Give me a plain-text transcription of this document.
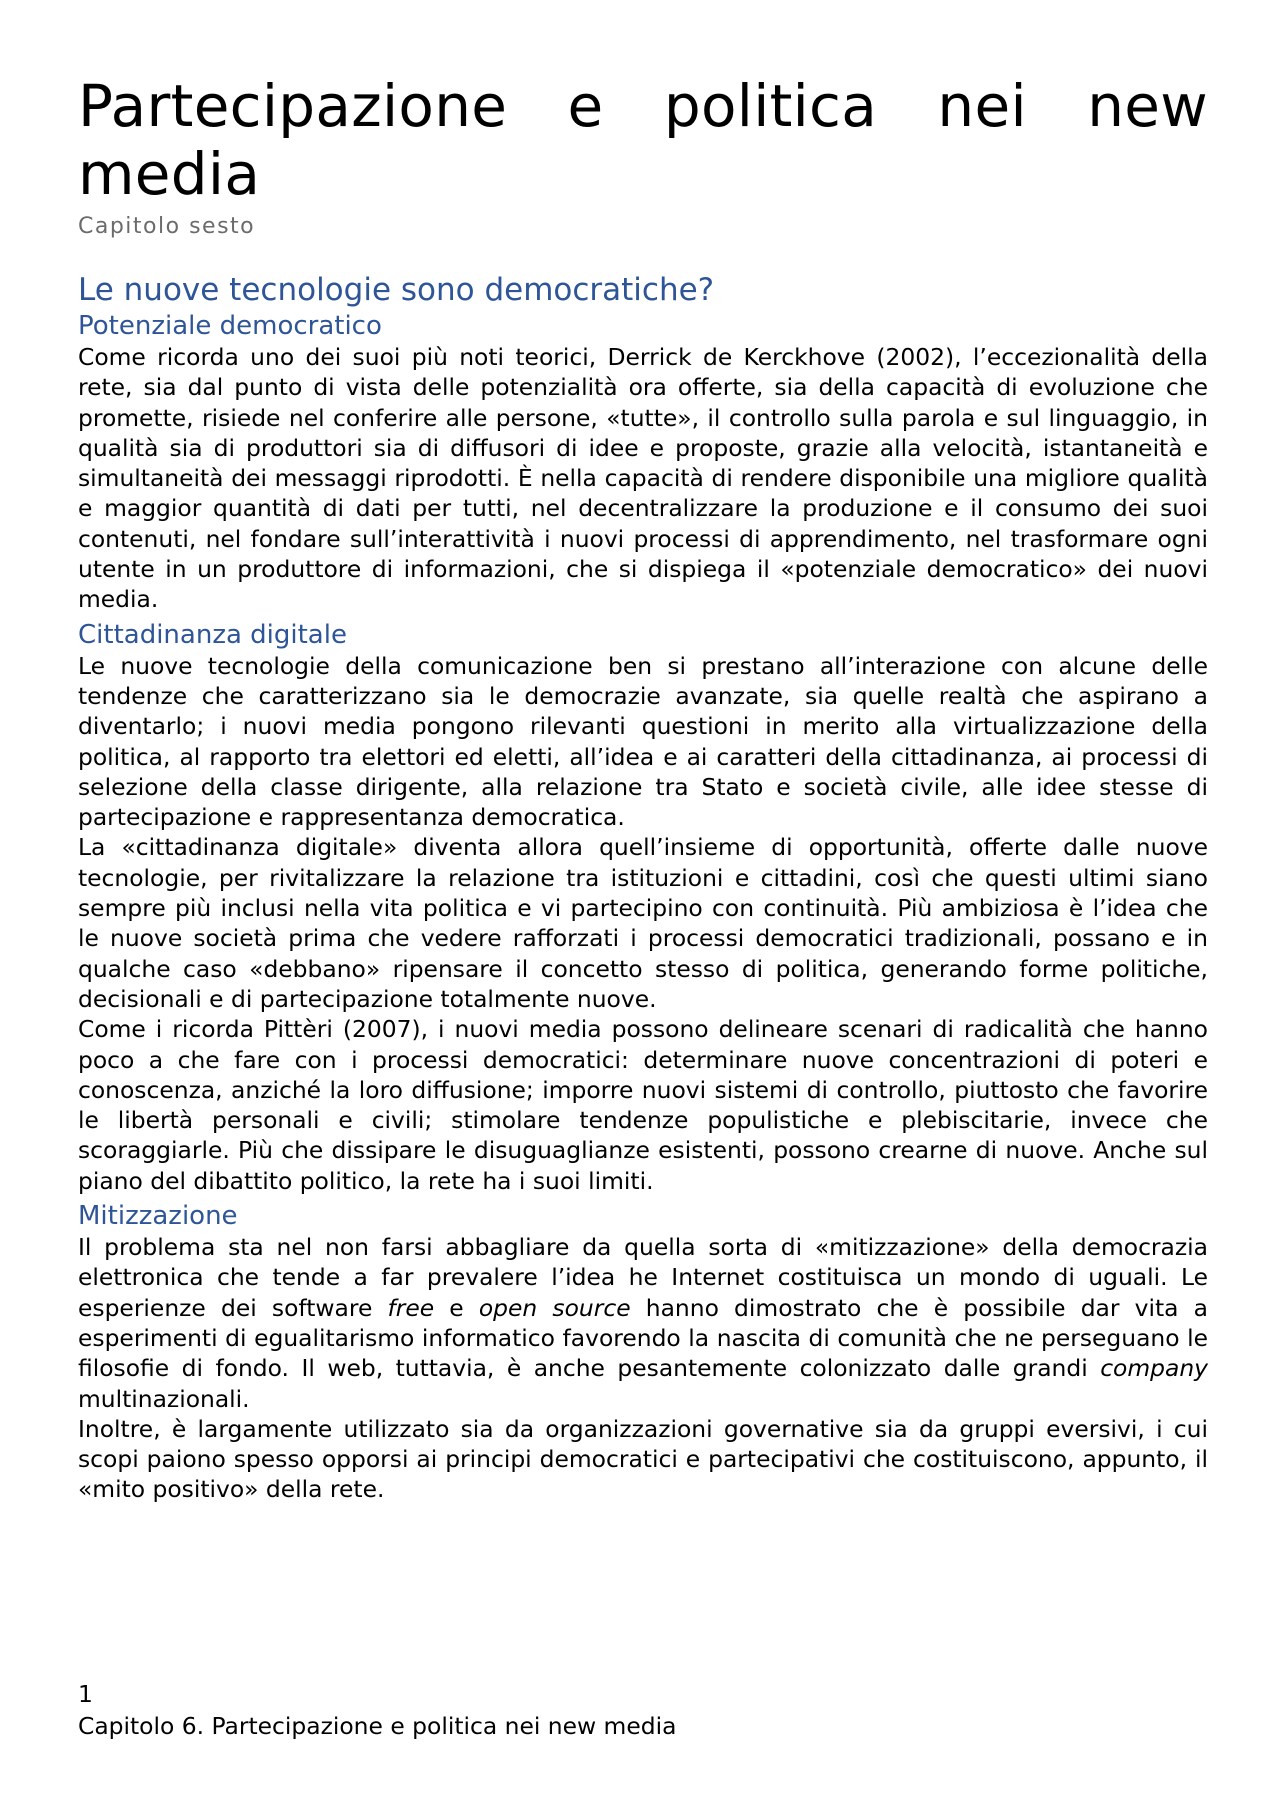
Partecipazione e politica nei new media
Capitolo sesto
Le nuove tecnologie sono democratiche?
Potenziale democratico

Come ricorda uno dei suoi più noti teorici, Derrick de Kerckhove (2002), l’eccezionalità della rete, sia dal punto di vista delle potenzialità ora offerte, sia della capacità di evoluzione che promette, risiede nel conferire alle persone, «tutte», il controllo sulla parola e sul linguaggio, in qualità sia di produttori sia di diffusori di idee e proposte, grazie alla velocità, istantaneità e simultaneità dei messaggi riprodotti. È nella capacità di rendere disponibile una migliore qualità e maggior quantità di dati per tutti, nel decentralizzare la produzione e il consumo dei suoi contenuti, nel fondare sull’interattività i nuovi processi di apprendimento, nel trasformare ogni utente in un produttore di informazioni, che si dispiega il «potenziale democratico» dei nuovi media.

Cittadinanza digitale

Le nuove tecnologie della comunicazione ben si prestano all’interazione con alcune delle tendenze che caratterizzano sia le democrazie avanzate, sia quelle realtà che aspirano a diventarlo; i nuovi media pongono rilevanti questioni in merito alla virtualizzazione della politica, al rapporto tra elettori ed eletti, all’idea e ai caratteri della cittadinanza, ai processi di selezione della classe dirigente, alla relazione tra Stato e società civile, alle idee stesse di partecipazione e rappresentanza democratica.

La «cittadinanza digitale» diventa allora quell’insieme di opportunità, offerte dalle nuove tecnologie, per rivitalizzare la relazione tra istituzioni e cittadini, così che questi ultimi siano sempre più inclusi nella vita politica e vi partecipino con continuità. Più ambiziosa è l’idea che le nuove società prima che vedere rafforzati i processi democratici tradizionali, possano e in qualche caso «debbano» ripensare il concetto stesso di politica, generando forme politiche, decisionali e di partecipazione totalmente nuove.

Come i ricorda Pittèri (2007), i nuovi media possono delineare scenari di radicalità che hanno poco a che fare con i processi democratici: determinare nuove concentrazioni di poteri e conoscenza, anziché la loro diffusione; imporre nuovi sistemi di controllo, piuttosto che favorire le libertà personali e civili; stimolare tendenze populistiche e plebiscitarie, invece che scoraggiarle. Più che dissipare le disuguaglianze esistenti, possono crearne di nuove. Anche sul piano del dibattito politico, la rete ha i suoi limiti.

Mitizzazione

Il problema sta nel non farsi abbagliare da quella sorta di «mitizzazione» della democrazia elettronica che tende a far prevalere l’idea he Internet costituisca un mondo di uguali. Le esperienze dei software free e open source hanno dimostrato che è possibile dar vita a esperimenti di egualitarismo informatico favorendo la nascita di comunità che ne perseguano le filosofie di fondo. Il web, tuttavia, è anche pesantemente colonizzato dalle grandi company multinazionali.

Inoltre, è largamente utilizzato sia da organizzazioni governative sia da gruppi eversivi, i cui scopi paiono spesso opporsi ai principi democratici e partecipativi che costituiscono, appunto, il «mito positivo» della rete.

1
Capitolo 6. Partecipazione e politica nei new media
